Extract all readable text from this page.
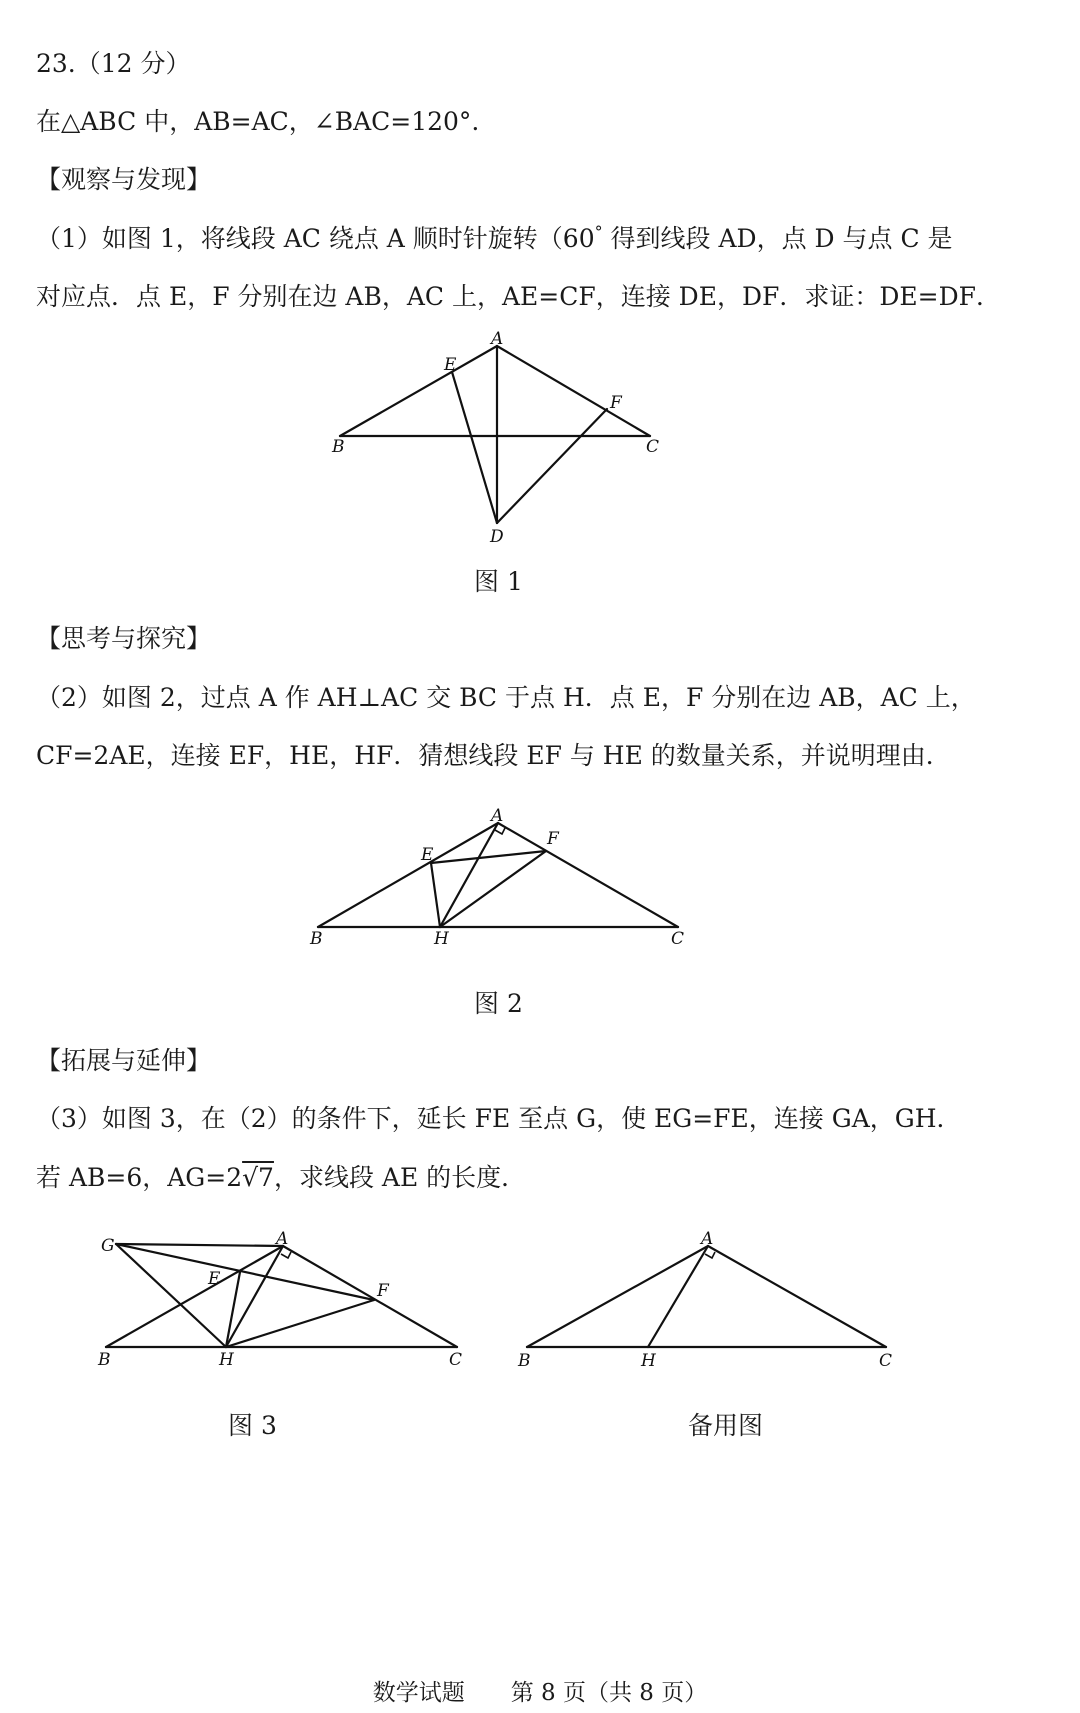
23.（12 分）
在△ABC 中，AB=AC，∠BAC=120°.
【观察与发现】
（1）如图 1，将线段 AC 绕点 A 顺时针旋转（60° 得到线段 AD，点 D 与点 C 是
对应点．点 E，F 分别在边 AB，AC 上，AE=CF，连接 DE，DF．求证：DE=DF．
A
B	C
D
E
F
图 1
【思考与探究】
（2）如图 2，过点 A 作 AH⊥AC 交 BC 于点 H．点 E，F 分别在边 AB，AC 上，
CF=2AE，连接 EF，HE，HF．猜想线段 EF 与 HE 的数量关系，并说明理由．
A
B	C
E
F
H
图 2
【拓展与延伸】
（3）如图 3，在（2）的条件下，延长 FE 至点 G，使 EG=FE，连接 GA，GH．
若 AB=6，AG=2√7，求线段 AE 的长度．
A
B	C
E
F
G
H
图 3
A
B	C
H
备用图
数学试题　　第 8 页（共 8 页）
